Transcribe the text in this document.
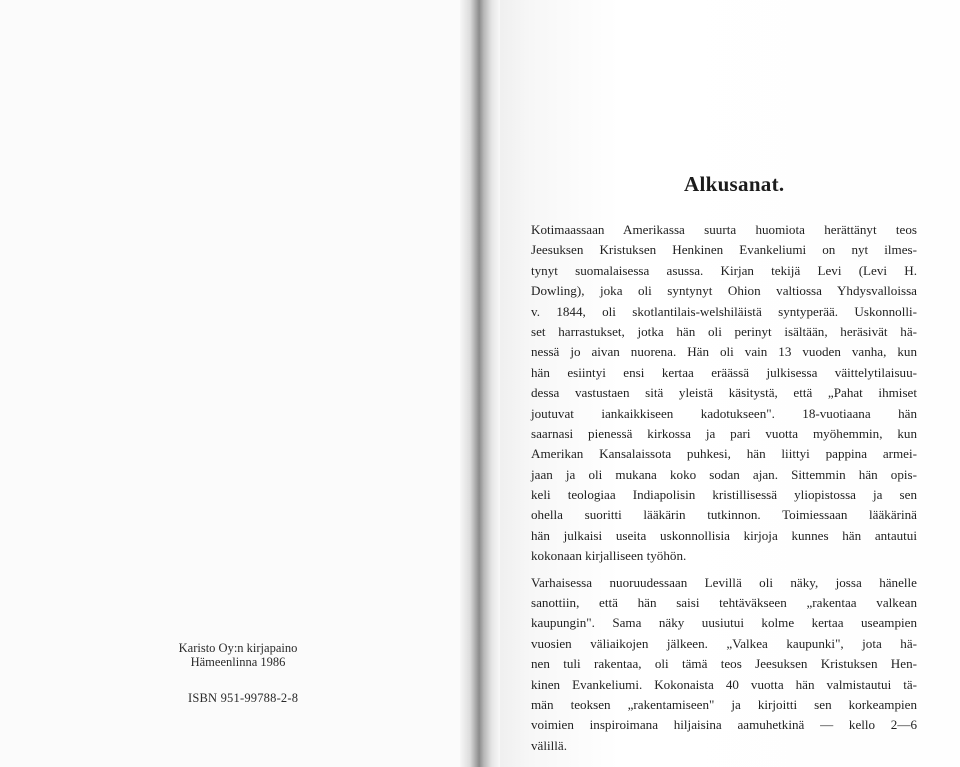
Karisto Oy:n kirjapaino
Hämeenlinna 1986
ISBN 951-99788-2-8
Alkusanat.
Kotimaassaan Amerikassa suurta huomiota herättänyt teos
Jeesuksen Kristuksen Henkinen Evankeliumi on nyt ilmes-
tynyt suomalaisessa asussa. Kirjan tekijä Levi (Levi H.
Dowling), joka oli syntynyt Ohion valtiossa Yhdysvalloissa
v. 1844, oli skotlantilais-welshiläistä syntyperää. Uskonnolli-
set harrastukset, jotka hän oli perinyt isältään, heräsivät hä-
nessä jo aivan nuorena. Hän oli vain 13 vuoden vanha, kun
hän esiintyi ensi kertaa eräässä julkisessa väittelytilaisuu-
dessa vastustaen sitä yleistä käsitystä, että „Pahat ihmiset
joutuvat iankaikkiseen kadotukseen". 18-vuotiaana hän
saarnasi pienessä kirkossa ja pari vuotta myöhemmin, kun
Amerikan Kansalaissota puhkesi, hän liittyi pappina armei-
jaan ja oli mukana koko sodan ajan. Sittemmin hän opis-
keli teologiaa Indiapolisin kristillisessä yliopistossa ja sen
ohella suoritti lääkärin tutkinnon. Toimiessaan lääkärinä
hän julkaisi useita uskonnollisia kirjoja kunnes hän antautui
kokonaan kirjalliseen työhön.
Varhaisessa nuoruudessaan Levillä oli näky, jossa hänelle
sanottiin, että hän saisi tehtäväkseen „rakentaa valkean
kaupungin". Sama näky uusiutui kolme kertaa useampien
vuosien väliaikojen jälkeen. „Valkea kaupunki", jota hä-
nen tuli rakentaa, oli tämä teos Jeesuksen Kristuksen Hen-
kinen Evankeliumi. Kokonaista 40 vuotta hän valmistautui tä-
män teoksen „rakentamiseen" ja kirjoitti sen korkeampien
voimien inspiroimana hiljaisina aamuhetkinä — kello 2—6
välillä.
